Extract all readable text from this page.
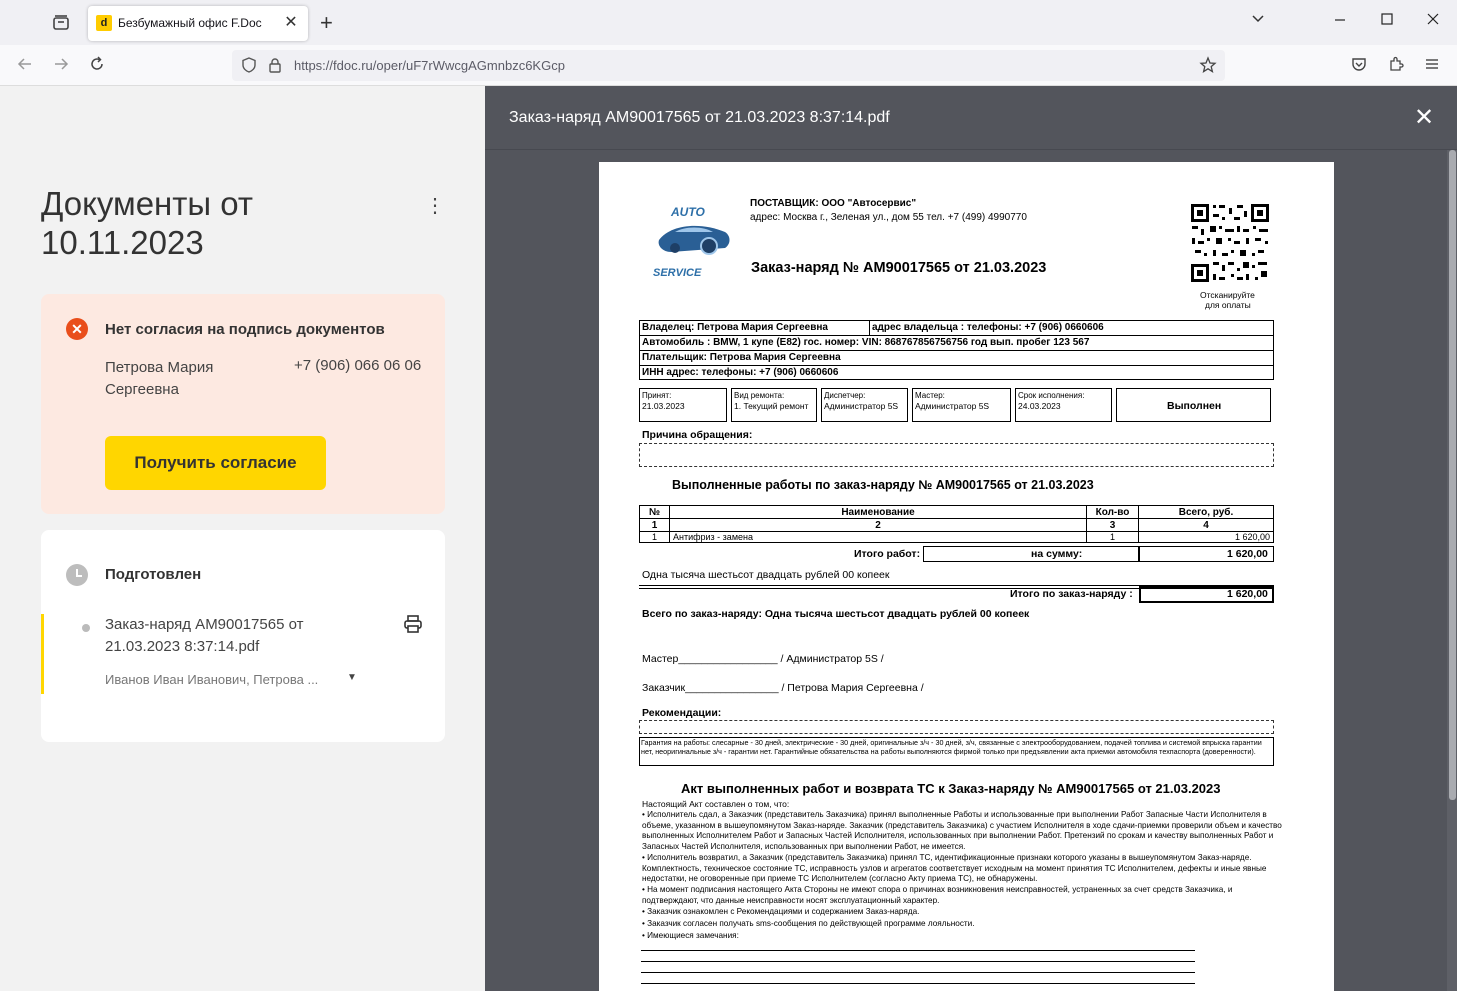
d Безбумажный офис F.Doc ✕ +
https://fdoc.ru/oper/uF7rWwcgAGmnbzc6KGcp
Документы от 10.11.2023
⋮
✕	Нет согласия на подпись документов
Петрова Мария Сергеевна
+7 (906) 066 06 06
Получить согласие
Подготовлен
Заказ-наряд АМ90017565 от 21.03.2023 8:37:14.pdf
Иванов Иван Иванович, Петрова ...	▼
Заказ-наряд АМ90017565 от 21.03.2023 8:37:14.pdf	✕
AUTO
SERVICE
ПОСТАВЩИК: ООО "Автосервис"
адрес: Москва г., Зеленая ул., дом 55 тел. +7 (499) 4990770
Заказ-наряд № АМ90017565 от 21.03.2023
Отсканируйте
для оплаты
Владелец: Петрова Мария Сергеевна	адрес владельца : телефоны: +7 (906) 0660606
Автомобиль : BMW, 1 купе (E82) гос. номер: VIN: 868767856756756 год вып. пробег 123 567
Плательщик: Петрова Мария Сергеевна
ИНН адрес: телефоны: +7 (906) 0660606
Принят:
21.03.2023
Вид ремонта:
1. Текущий ремонт
Диспетчер:
Администратор 5S
Мастер:
Администратор 5S
Срок исполнения:
24.03.2023	Выполнен
Причина обращения:
Выполненные работы по заказ-наряду № АМ90017565 от 21.03.2023
№	Наименование	Кол-во	Всего, руб.
1	2	3	4
1	Антифриз - замена	1	1 620,00
Итого работ:	на сумму:	1 620,00
Одна тысяча шестьсот двадцать рублей 00 копеек
Итого по заказ-наряду :	1 620,00
Всего по заказ-наряду: Одна тысяча шестьсот двадцать рублей 00 копеек
Мастер_________________ / Администратор 5S /
Заказчик________________ / Петрова Мария Сергеевна /
Рекомендации:
Гарантия на работы: слесарные - 30 дней, электрические - 30 дней, оригинальные з/ч - 30 дней, з/ч, связанные с электрооборудованием, подачей топлива и системой впрыска гарантии нет, неоригинальные з/ч - гарантии нет. Гарантийные обязательства на работы выполняются фирмой только при предъявлении акта приемки автомобиля техпаспорта (доверенности).
Акт выполненных работ и возврата ТС к Заказ-наряду № АМ90017565 от 21.03.2023
Настоящий Акт составлен о том, что:
• Исполнитель сдал, а Заказчик (представитель Заказчика) принял выполненные Работы и использованные при выполнении Работ Запасные Части Исполнителя в объеме, указанном в вышеупомянутом Заказ-наряде. Заказчик (представитель Заказчика) с участием Исполнителя в ходе сдачи-приемки проверили объем и качество выполненных Исполнителем Работ и Запасных Частей Исполнителя, использованных при выполнении Работ. Претензий по срокам и качеству выполненных Работ и Запасных Частей Исполнителя, использованных при выполнении Работ, не имеется.
• Исполнитель возвратил, а Заказчик (представитель Заказчика) принял ТС, идентификационные признаки которого указаны в вышеупомянутом Заказ-наряде. Комплектность, техническое состояние ТС, исправность узлов и агрегатов соответствует исходным на момент принятия ТС Исполнителем, дефекты и иные явные недостатки, не оговоренные при приеме ТС Исполнителем (согласно Акту приема ТС), не обнаружены.
• На момент подписания настоящего Акта Стороны не имеют спора о причинах возникновения неисправностей, устраненных за счет средств Заказчика, и подтверждают, что данные неисправности носят эксплуатационный характер.
• Заказчик ознакомлен с Рекомендациями и содержанием Заказ-наряда.
• Заказчик согласен получать sms-сообщения по действующей программе лояльности.
• Имеющиеся замечания:
